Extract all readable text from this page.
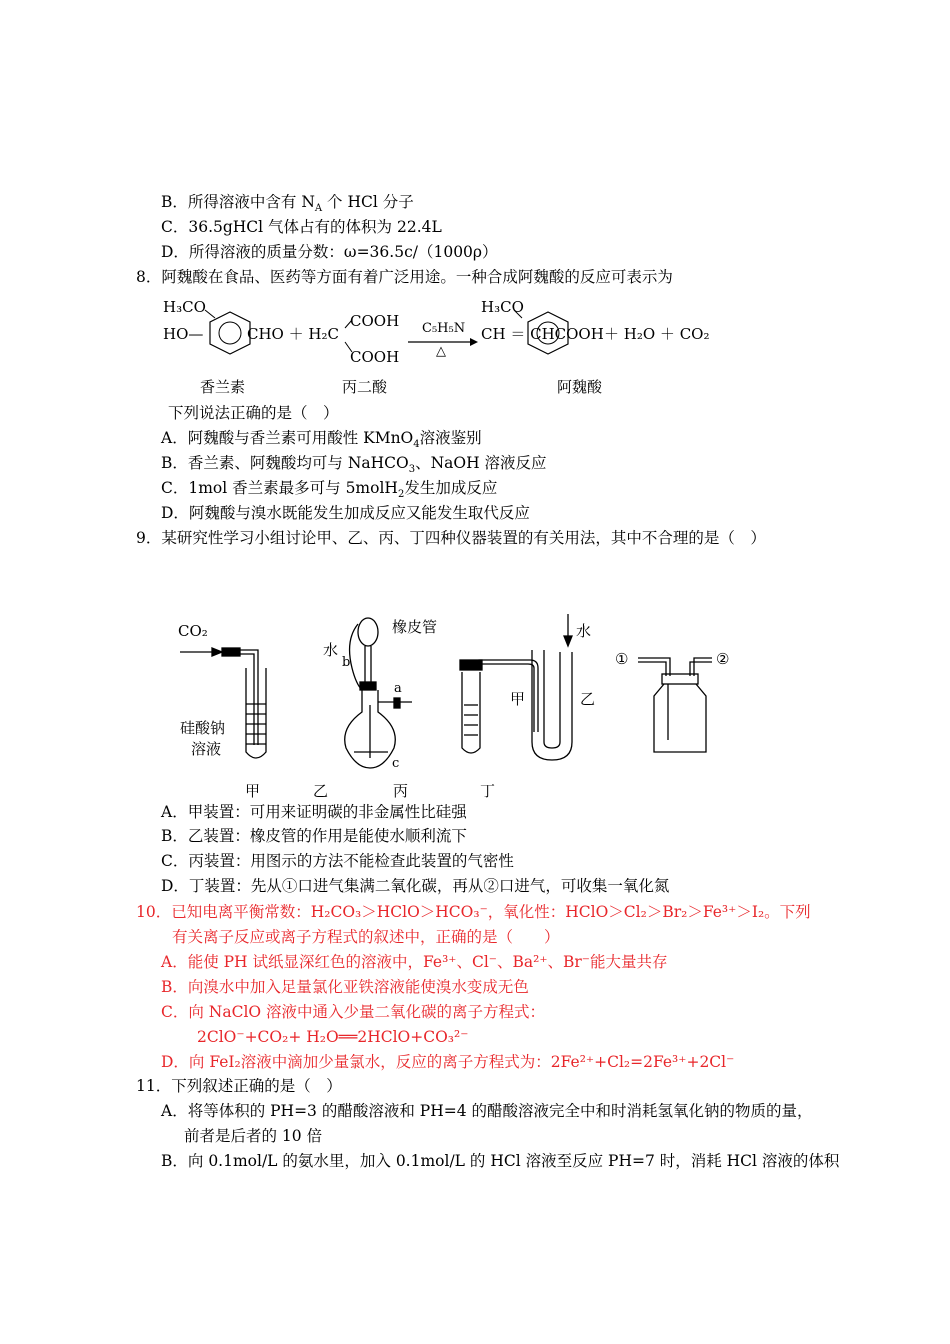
B．所得溶液中含有 $N_A$ 个 HCl 分子
C．36.5gHCl 气体占有的体积为 22.4L
D．所得溶液的质量分数：ω=36.5c/（1000ρ）
8．阿魏酸在食品、医药等方面有着广泛用途。一种合成阿魏酸的反应可表示为
H₃CO
HO—	CHO ＋ H₂C
COOH
COOH
C₅H₅N
△
H₃CO
CH ＝ CHCOOH ＋ H₂O ＋ CO₂
香兰素	丙二酸	阿魏酸
下列说法正确的是（　）
A．阿魏酸与香兰素可用酸性 KMnO$_4$溶液鉴别
B．香兰素、阿魏酸均可与 NaHCO$_3$、NaOH 溶液反应
C．1mol 香兰素最多可与 5molH$_2$发生加成反应
D．阿魏酸与溴水既能发生加成反应又能发生取代反应
9．某研究性学习小组讨论甲、乙、丙、丁四种仪器装置的有关用法，其中不合理的是（　）
CO₂
硅酸钠
溶液
橡皮管
水
b
a
c
水
甲	乙
①	②
甲	乙	丙	丁
A．甲装置：可用来证明碳的非金属性比硅强
B．乙装置：橡皮管的作用是能使水顺利流下
C．丙装置：用图示的方法不能检查此装置的气密性
D．丁装置：先从①口进气集满二氧化碳，再从②口进气，可收集一氧化氮
10．已知电离平衡常数：H₂CO₃＞HClO＞HCO₃⁻，氧化性：HClO＞Cl₂＞Br₂＞Fe³⁺＞I₂。下列
有关离子反应或离子方程式的叙述中，正确的是（　　）
A．能使 PH 试纸显深红色的溶液中，Fe³⁺、Cl⁻、Ba²⁺、Br⁻能大量共存
B．向溴水中加入足量氯化亚铁溶液能使溴水变成无色
C．向 NaClO 溶液中通入少量二氧化碳的离子方程式：
2ClO⁻+CO₂+ H₂O══2HClO+CO₃²⁻
D．向 FeI₂溶液中滴加少量氯水，反应的离子方程式为：2Fe²⁺+Cl₂=2Fe³⁺+2Cl⁻
11．下列叙述正确的是（　）
A．将等体积的 PH=3 的醋酸溶液和 PH=4 的醋酸溶液完全中和时消耗氢氧化钠的物质的量，
前者是后者的 10 倍
B．向 0.1mol/L 的氨水里，加入 0.1mol/L 的 HCl 溶液至反应 PH=7 时，消耗 HCl 溶液的体积
